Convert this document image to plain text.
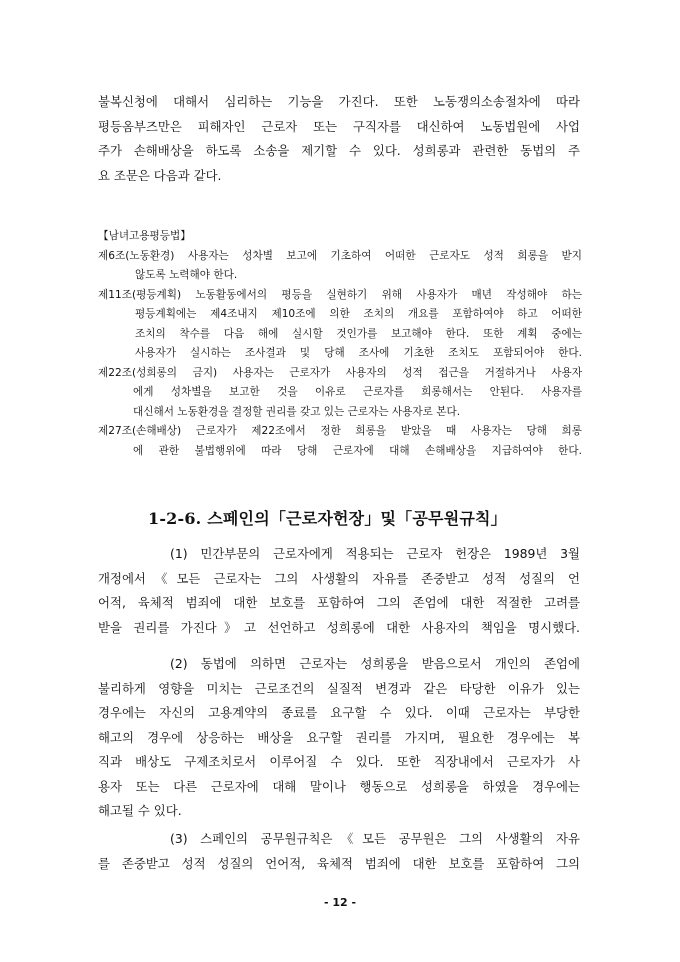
불복신청에 대해서 심리하는 기능을 가진다. 또한 노동쟁의소송절차에 따라
평등옴부즈만은 피해자인 근로자 또는 구직자를 대신하여 노동법원에 사업
주가 손해배상을 하도록 소송을 제기할 수 있다. 성희롱과 관련한 동법의 주
요 조문은 다음과 같다.
【남녀고용평등법】
제6조(노동환경) 사용자는 성차별 보고에 기초하여 어떠한 근로자도 성적 희롱을 받지
않도록 노력해야 한다.
제11조(평등계획) 노동활동에서의 평등을 실현하기 위해 사용자가 매년 작성해야 하는
평등계획에는 제4조내지 제10조에 의한 조치의 개요를 포함하여야 하고 어떠한
조치의 착수를 다음 해에 실시할 것인가를 보고해야 한다. 또한 계획 중에는
사용자가 실시하는 조사결과 및 당해 조사에 기초한 조치도 포함되어야 한다.
제22조(성희롱의 금지) 사용자는 근로자가 사용자의 성적 접근을 거절하거나 사용자
에게 성차별을 보고한 것을 이유로 근로자를 희롱해서는 안된다. 사용자를
대신해서 노동환경을 결정할 권리를 갖고 있는 근로자는 사용자로 본다.
제27조(손해배상) 근로자가 제22조에서 정한 희롱을 받았을 때 사용자는 당해 희롱
에 관한 불법행위에 따라 당해 근로자에 대해 손해배상을 지급하여야 한다.
1-2-6. 스페인의「근로자헌장」및「공무원규칙」
(1) 민간부문의 근로자에게 적용되는 근로자 헌장은 1989년 3월
개정에서《모든 근로자는 그의 사생활의 자유를 존중받고 성적 성질의 언
어적, 육체적 범죄에 대한 보호를 포함하여 그의 존엄에 대한 적절한 고려를
받을 권리를 가진다》고 선언하고 성희롱에 대한 사용자의 책임을 명시했다.
(2) 동법에 의하면 근로자는 성희롱을 받음으로서 개인의 존엄에
불리하게 영향을 미치는 근로조건의 실질적 변경과 같은 타당한 이유가 있는
경우에는 자신의 고용계약의 종료를 요구할 수 있다. 이때 근로자는 부당한
해고의 경우에 상응하는 배상을 요구할 권리를 가지며, 필요한 경우에는 복
직과 배상도 구제조치로서 이루어질 수 있다. 또한 직장내에서 근로자가 사
용자 또는 다른 근로자에 대해 말이나 행동으로 성희롱을 하였을 경우에는
해고될 수 있다.
(3) 스페인의 공무원규칙은《모든 공무원은 그의 사생활의 자유
를 존중받고 성적 성질의 언어적, 육체적 범죄에 대한 보호를 포함하여 그의
- 12 -
